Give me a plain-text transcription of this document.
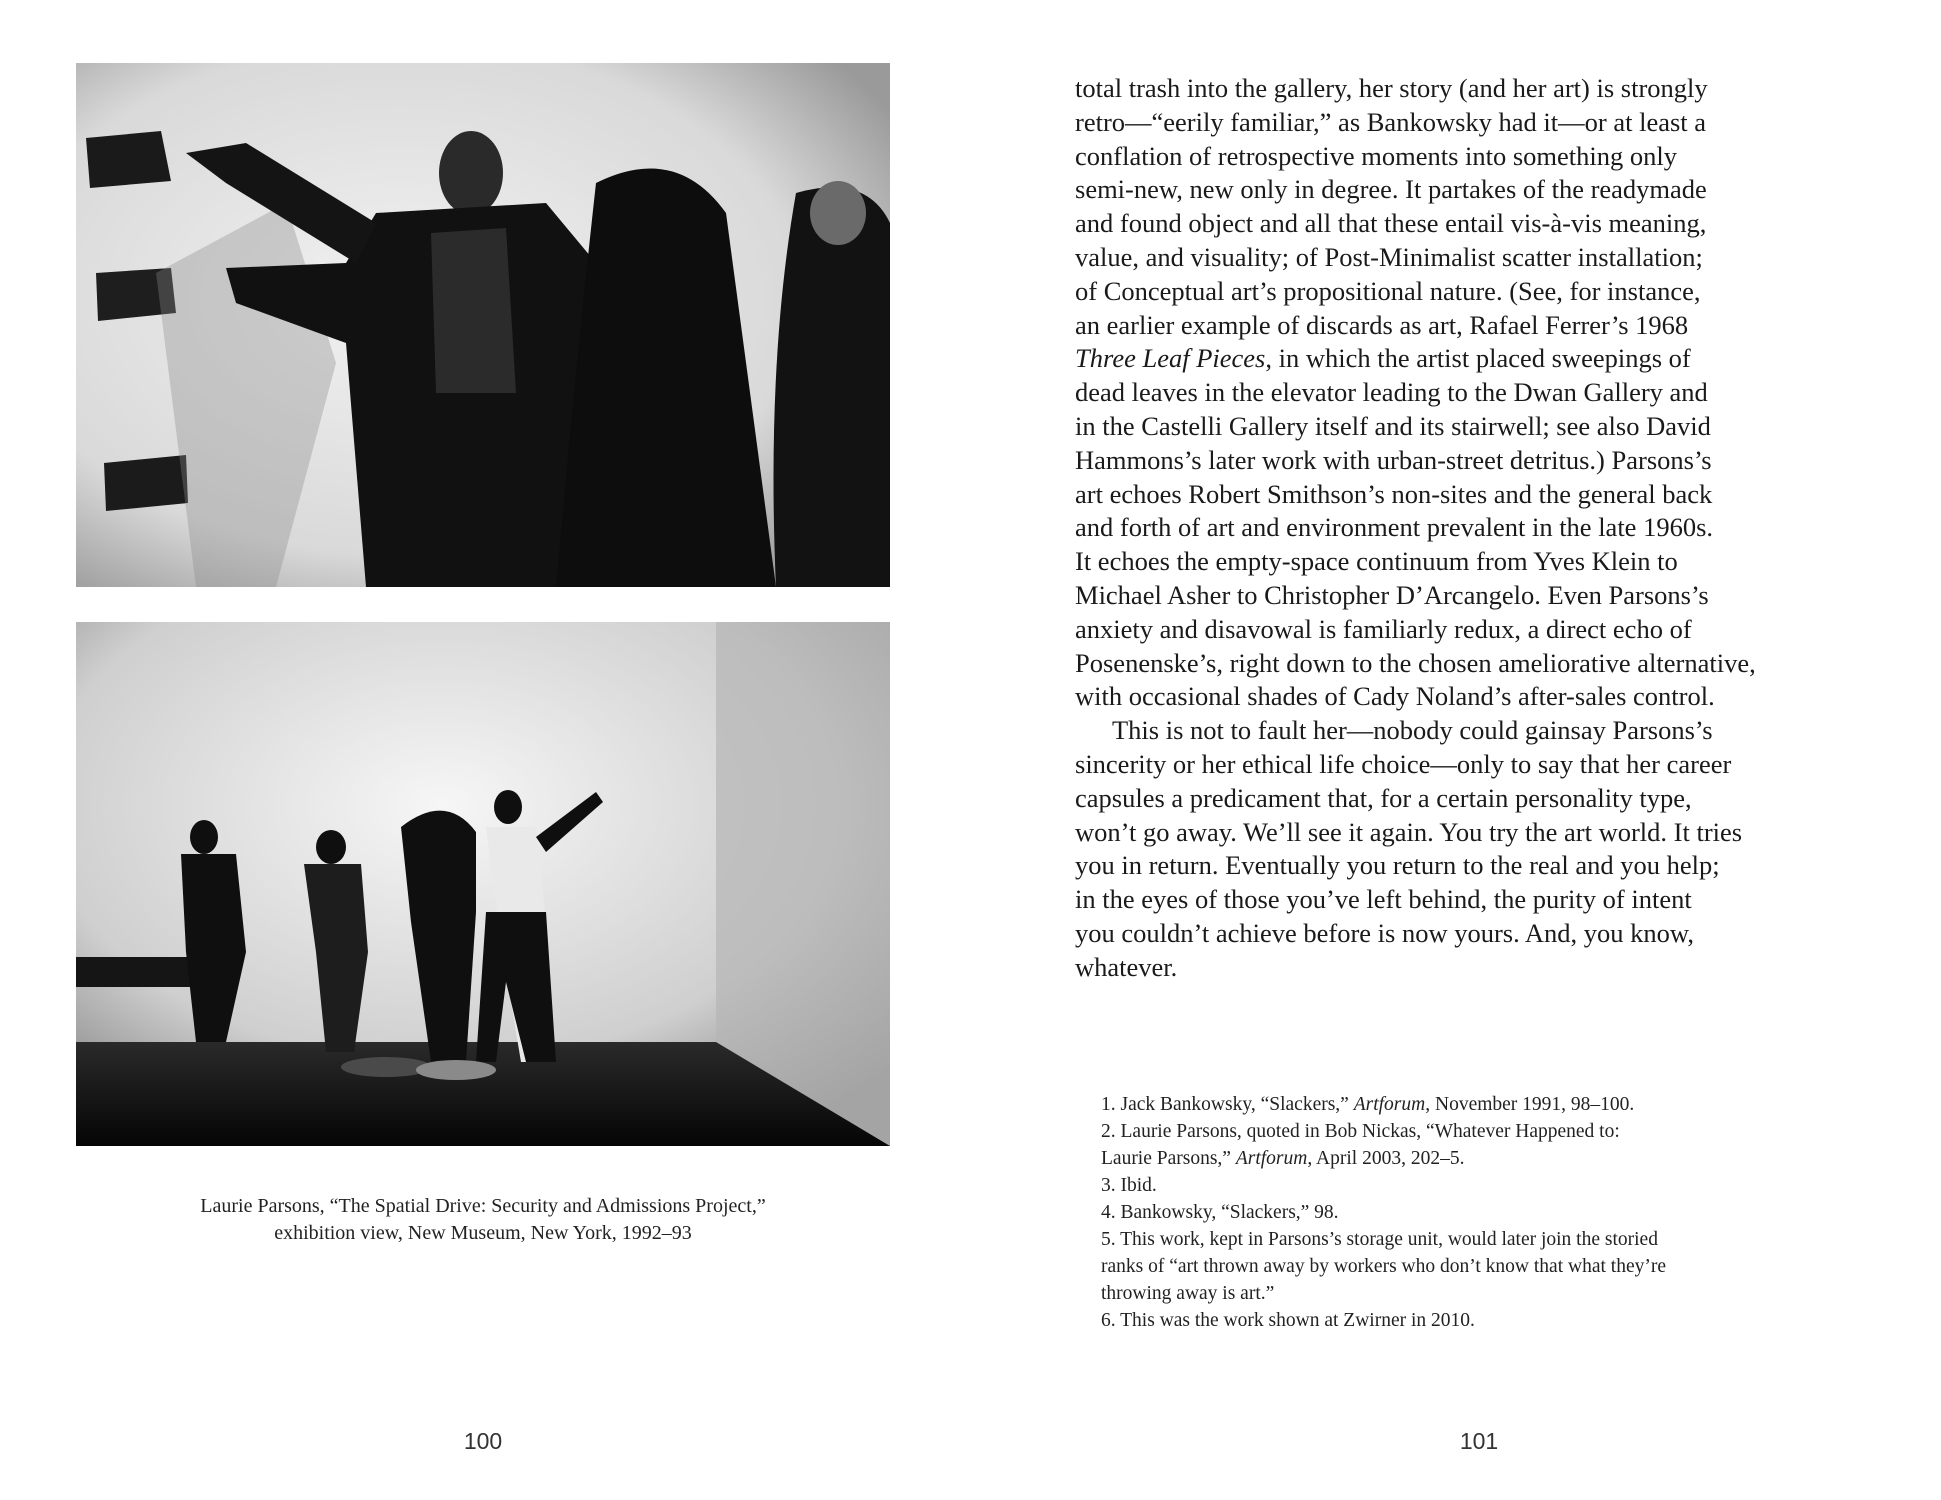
Laurie Parsons, “The Spatial Drive: Security and Admissions Project,”
exhibition view, New Museum, New York, 1992–93
100
total trash into the gallery, her story (and her art) is strongly
retro—“eerily familiar,” as Bankowsky had it—or at least a
conflation of retrospective moments into something only
semi-new, new only in degree. It partakes of the readymade
and found object and all that these entail vis-à-vis meaning,
value, and visuality; of Post-Minimalist scatter installation;
of Conceptual art’s propositional nature. (See, for instance,
an earlier example of discards as art, Rafael Ferrer’s 1968
Three Leaf Pieces, in which the artist placed sweepings of
dead leaves in the elevator leading to the Dwan Gallery and
in the Castelli Gallery itself and its stairwell; see also David
Hammons’s later work with urban-street detritus.) Parsons’s
art echoes Robert Smithson’s non-sites and the general back
and forth of art and environment prevalent in the late 1960s.
It echoes the empty-space continuum from Yves Klein to
Michael Asher to Christopher D’Arcangelo. Even Parsons’s
anxiety and disavowal is familiarly redux, a direct echo of
Posenenske’s, right down to the chosen ameliorative alternative,
with occasional shades of Cady Noland’s after-sales control.
This is not to fault her—nobody could gainsay Parsons’s
sincerity or her ethical life choice—only to say that her career
capsules a predicament that, for a certain personality type,
won’t go away. We’ll see it again. You try the art world. It tries
you in return. Eventually you return to the real and you help;
in the eyes of those you’ve left behind, the purity of intent
you couldn’t achieve before is now yours. And, you know,
whatever.
1. Jack Bankowsky, “Slackers,” Artforum, November 1991, 98–100.
2. Laurie Parsons, quoted in Bob Nickas, “Whatever Happened to:
Laurie Parsons,” Artforum, April 2003, 202–5.
3. Ibid.
4. Bankowsky, “Slackers,” 98.
5. This work, kept in Parsons’s storage unit, would later join the storied
ranks of “art thrown away by workers who don’t know that what they’re
throwing away is art.”
6. This was the work shown at Zwirner in 2010.
101
